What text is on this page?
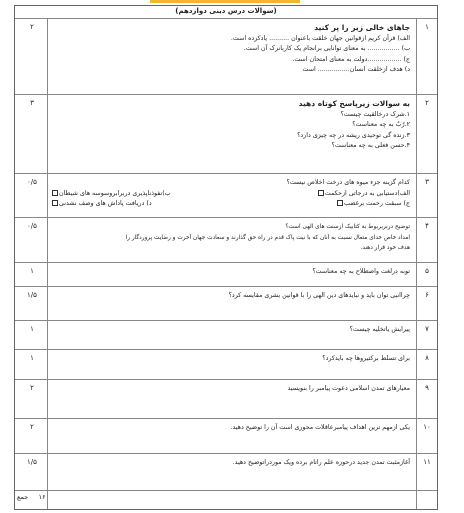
(سوالات درس دینی دوازدهم)
۱
جاهای خالی زیر را پر کنید
الف) قرآن کریم ازقوانین جهان خلقت باعنوان .......... یادکرده است.
ب) ................ به معنای توانایی برانجام یک کاربانرک آن است.
ج) .................دولت به معنای امتحان است.
د) هدف ازخلقت انسان................ است
۲
۲
به سوالات زیرپاسخ کوتاه دهید
۱.شرک درخالقیت چیست؟
۲.رُبٌ به چه معناست؟
۳.زنده گی توحیدی ریشه در چه چیزی دارد؟
۴.حسن فعلی به چه معناست؟
۳
۳
کدام گزینه جزء میوه های درخت اخلاص نیست؟
الف)دستیابی به درجاتی ازحکمت
ب)نفوذناپذیری دربرابروسوسه های شیطان
ج) سبقت رحمت برغضب
د) دریافت پاداش های وصف نشدنی
۰/۵
۴
توضیح دربربربوط به کتابیک ازسنت های الهی است؟
امداد خاص خدای متعال نسبت به آنان که با نیت پاک قدم در راه حق گذارند و سعادت جهان آخرت و رضایت پروردگار را
هدف خود قرار دهند.
۰/۵
۵
توبه درلغت واصطلاح به چه معناست؟
۱
۶
چراانبی توان باید و نبایدهای دین الهی را با قوانین بشری مقایسه کرد؟
۱/۵
۷
پیرایش یاتخلیه چیست؟
۱
۸
برای تسلط برکتیروها چه بایدکرد؟
۱
۹
معیارهای تمدن اسلامی دعوت پیامبر را بنویسید
۲
۱۰
یکی ازمهم ترین اهداف پیامبرعاقلات محوری است آن را توضیح دهید.
۲
۱۱
آغازمثبت تمدن جدید درحوزه علم راتام برده ویک موردراتوضیح دهید.
۱/۵
۱۶
جمع
